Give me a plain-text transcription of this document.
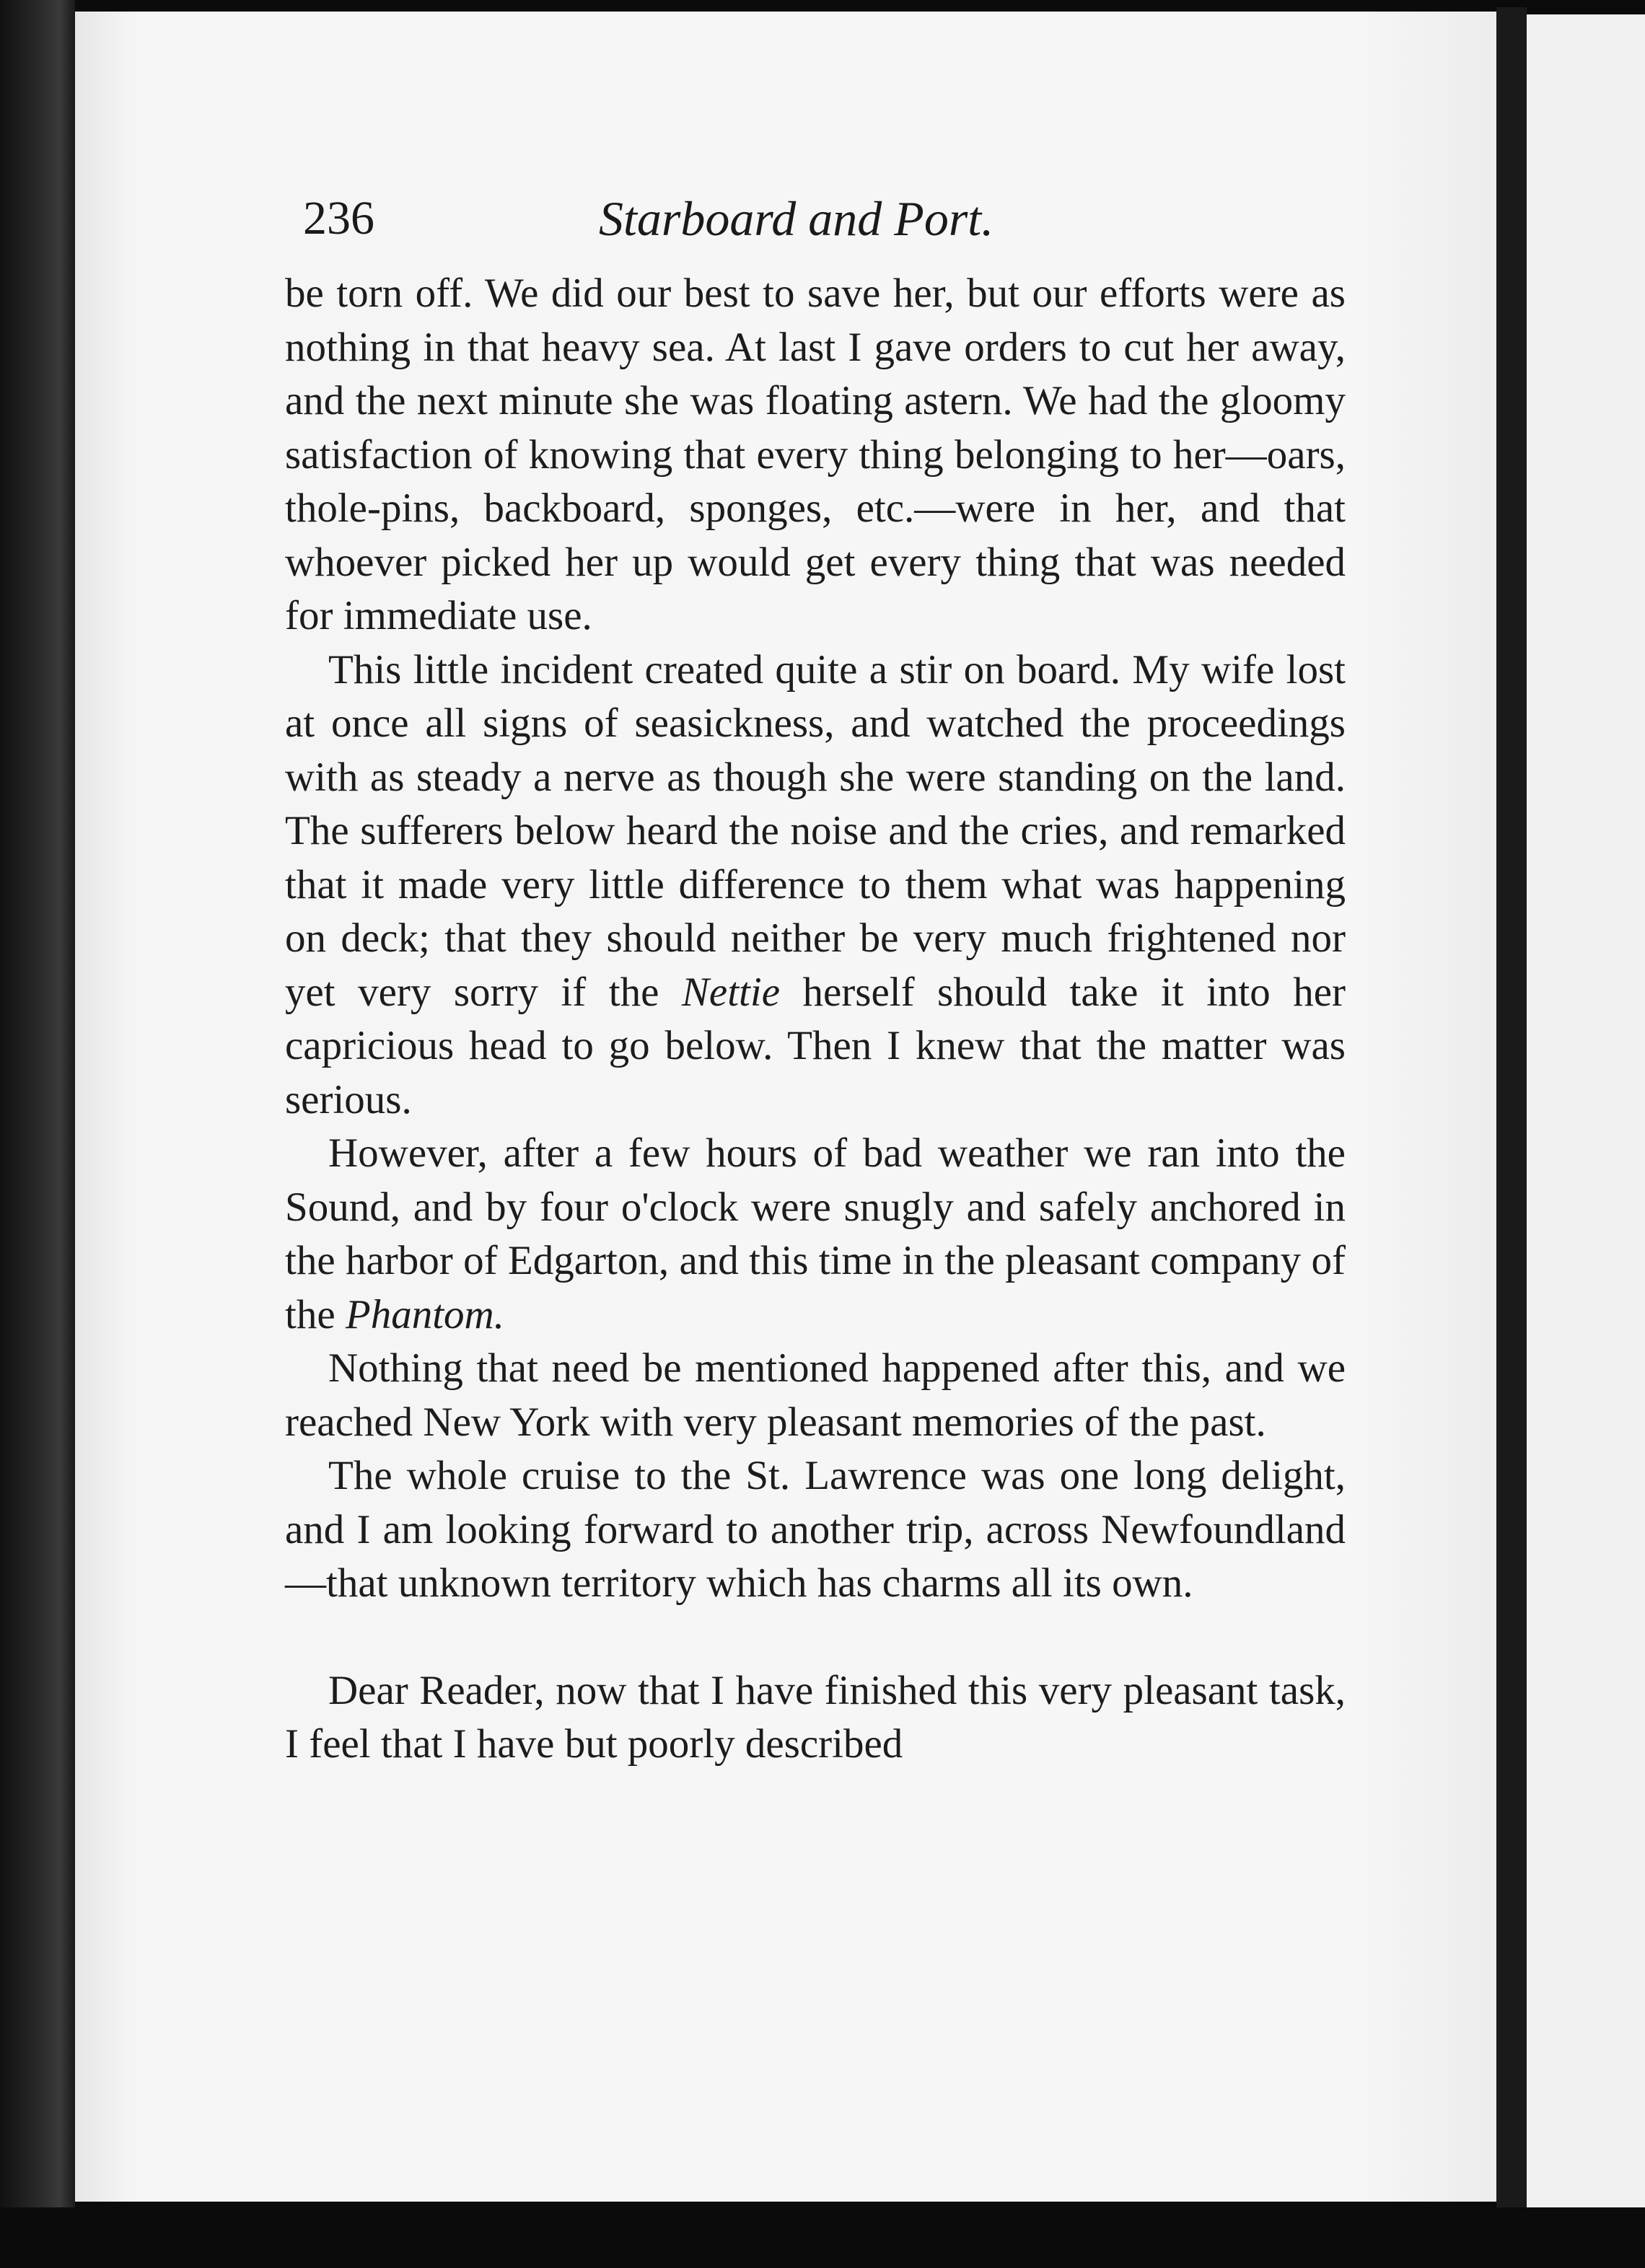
236	Starboard and Port.

be torn off. We did our best to save her, but our efforts were as nothing in that heavy sea. At last I gave orders to cut her away, and the next minute she was floating astern. We had the gloomy satisfaction of knowing that every thing belonging to her—oars, thole-pins, backboard, sponges, etc.—were in her, and that whoever picked her up would get every thing that was needed for immediate use.

This little incident created quite a stir on board. My wife lost at once all signs of seasickness, and watched the proceedings with as steady a nerve as though she were standing on the land. The sufferers below heard the noise and the cries, and remarked that it made very little difference to them what was happening on deck; that they should neither be very much frightened nor yet very sorry if the Nettie herself should take it into her capricious head to go below. Then I knew that the matter was serious.

However, after a few hours of bad weather we ran into the Sound, and by four o'clock were snugly and safely anchored in the harbor of Edgarton, and this time in the pleasant company of the Phantom.

Nothing that need be mentioned happened after this, and we reached New York with very pleasant memories of the past.

The whole cruise to the St. Lawrence was one long delight, and I am looking forward to another trip, across Newfoundland—that unknown territory which has charms all its own.

Dear Reader, now that I have finished this very pleasant task, I feel that I have but poorly described
